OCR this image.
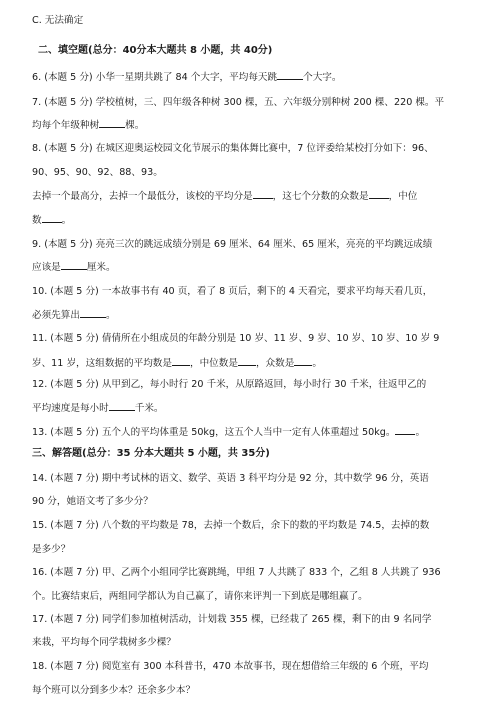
C. 无法确定
二、填空题(总分：40分本大题共 8 小题，共 40分)
6. (本题 5 分) 小华一星期共跳了 84 个大字，平均每天跳	个大字。
7. (本题 5 分) 学校植树，三、四年级各种树 300 棵，五、六年级分别种树 200 棵、220 棵。平
均每个年级种树	棵。
8. (本题 5 分) 在城区迎奥运校园文化节展示的集体舞比赛中，7 位评委给某校打分如下：96、
90、95、90、92、88、93。
去掉一个最高分，去掉一个最低分，该校的平均分是 ，这七个分数的众数是 ，中位
数 。
9. (本题 5 分) 亮亮三次的跳远成绩分别是 69 厘米、64 厘米、65 厘米，亮亮的平均跳远成绩
应该是	厘米。
10. (本题 5 分) 一本故事书有 40 页，看了 8 页后，剩下的 4 天看完，要求平均每天看几页，
必须先算出	。
11. (本题 5 分) 倩倩所在小组成员的年龄分别是 10 岁、11 岁、9 岁、10 岁、10 岁、10 岁 9
岁、11 岁，这组数据的平均数是 ，中位数是 ，众数是 。
12. (本题 5 分) 从甲到乙，每小时行 20 千米，从原路返回，每小时行 30 千米，往返甲乙的
平均速度是每小时	千米。
13. (本题 5 分) 五个人的平均体重是 50kg，这五个人当中一定有人体重超过 50kg。 。
三、解答题(总分：35 分本大题共 5 小题，共 35分)
14. (本题 7 分) 期中考试林的语文、数学、英语 3 科平均分是 92 分，其中数学 96 分，英语
90 分，她语文考了多少分？
15. (本题 7 分) 八个数的平均数是 78，去掉一个数后，余下的数的平均数是 74.5，去掉的数
是多少？
16. (本题 7 分) 甲、乙两个小组同学比赛跳绳，甲组 7 人共跳了 833 个，乙组 8 人共跳了 936
个。比赛结束后，两组同学都认为自己赢了，请你来评判一下到底是哪组赢了。
17. (本题 7 分) 同学们参加植树活动，计划栽 355 棵，已经栽了 265 棵，剩下的由 9 名同学
来栽，平均每个同学栽树多少棵？
18. (本题 7 分) 阅览室有 300 本科普书，470 本故事书，现在想借给三年级的 6 个班，平均
每个班可以分到多少本？还余多少本？
